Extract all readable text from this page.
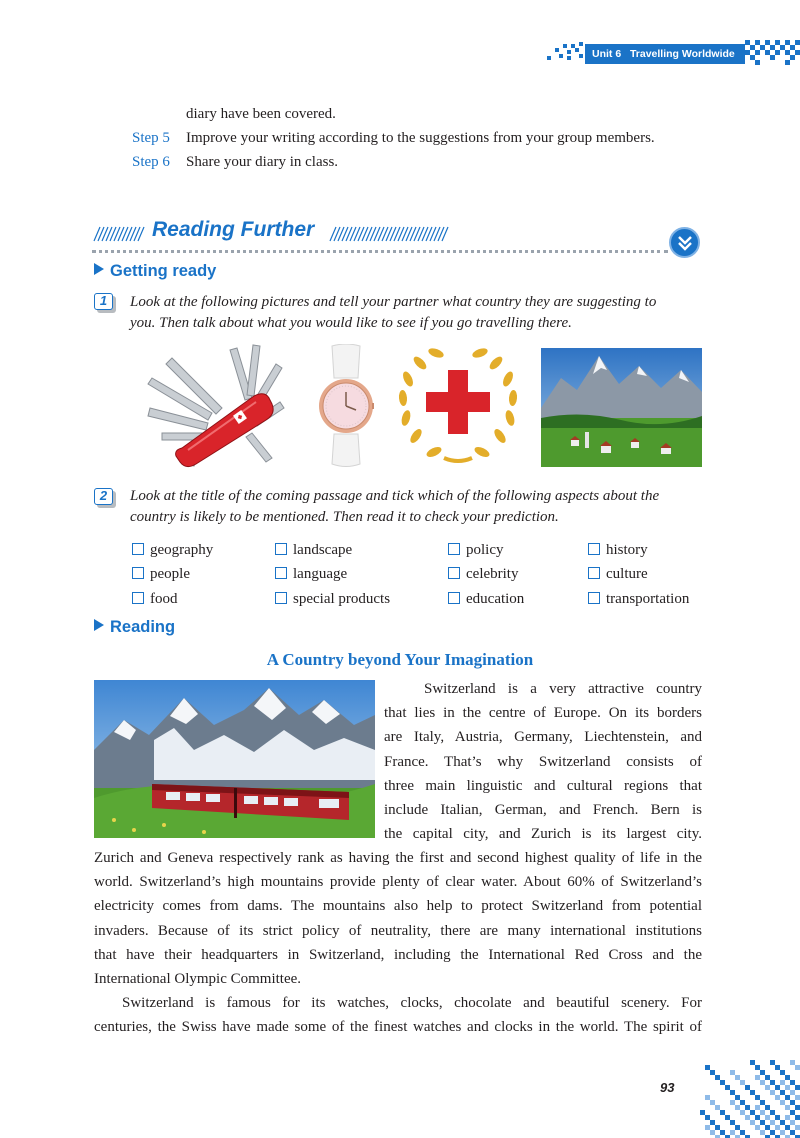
Unit 6 Travelling Worldwide
diary have been covered.
Step 5 Improve your writing according to the suggestions from your group members.
Step 6 Share your diary in class.
Reading Further
Getting ready
1	Look at the following pictures and tell your partner what country they are suggesting to
you. Then talk about what you would like to see if you go travelling there.
2	Look at the title of the coming passage and tick which of the following aspects about the
country is likely to be mentioned. Then read it to check your prediction.
geography	landscape	policy	history
people	language	celebrity	culture
food	special products	education	transportation
Reading
A Country beyond Your Imagination
Switzerland is a very attractive country
that lies in the centre of Europe. On its borders
are Italy, Austria, Germany, Liechtenstein, and
France. That’s why Switzerland consists of
three main linguistic and cultural regions that
include Italian, German, and French. Bern is
the capital city, and Zurich is its largest city.
Zurich and Geneva respectively rank as having the first and second highest quality of life in the
world. Switzerland’s high mountains provide plenty of clear water. About 60% of Switzerland’s
electricity comes from dams. The mountains also help to protect Switzerland from potential
invaders. Because of its strict policy of neutrality, there are many international institutions
that have their headquarters in Switzerland, including the International Red Cross and the
International Olympic Committee.
Switzerland is famous for its watches, clocks, chocolate and beautiful scenery. For
centuries, the Swiss have made some of the finest watches and clocks in the world. The spirit of
93
